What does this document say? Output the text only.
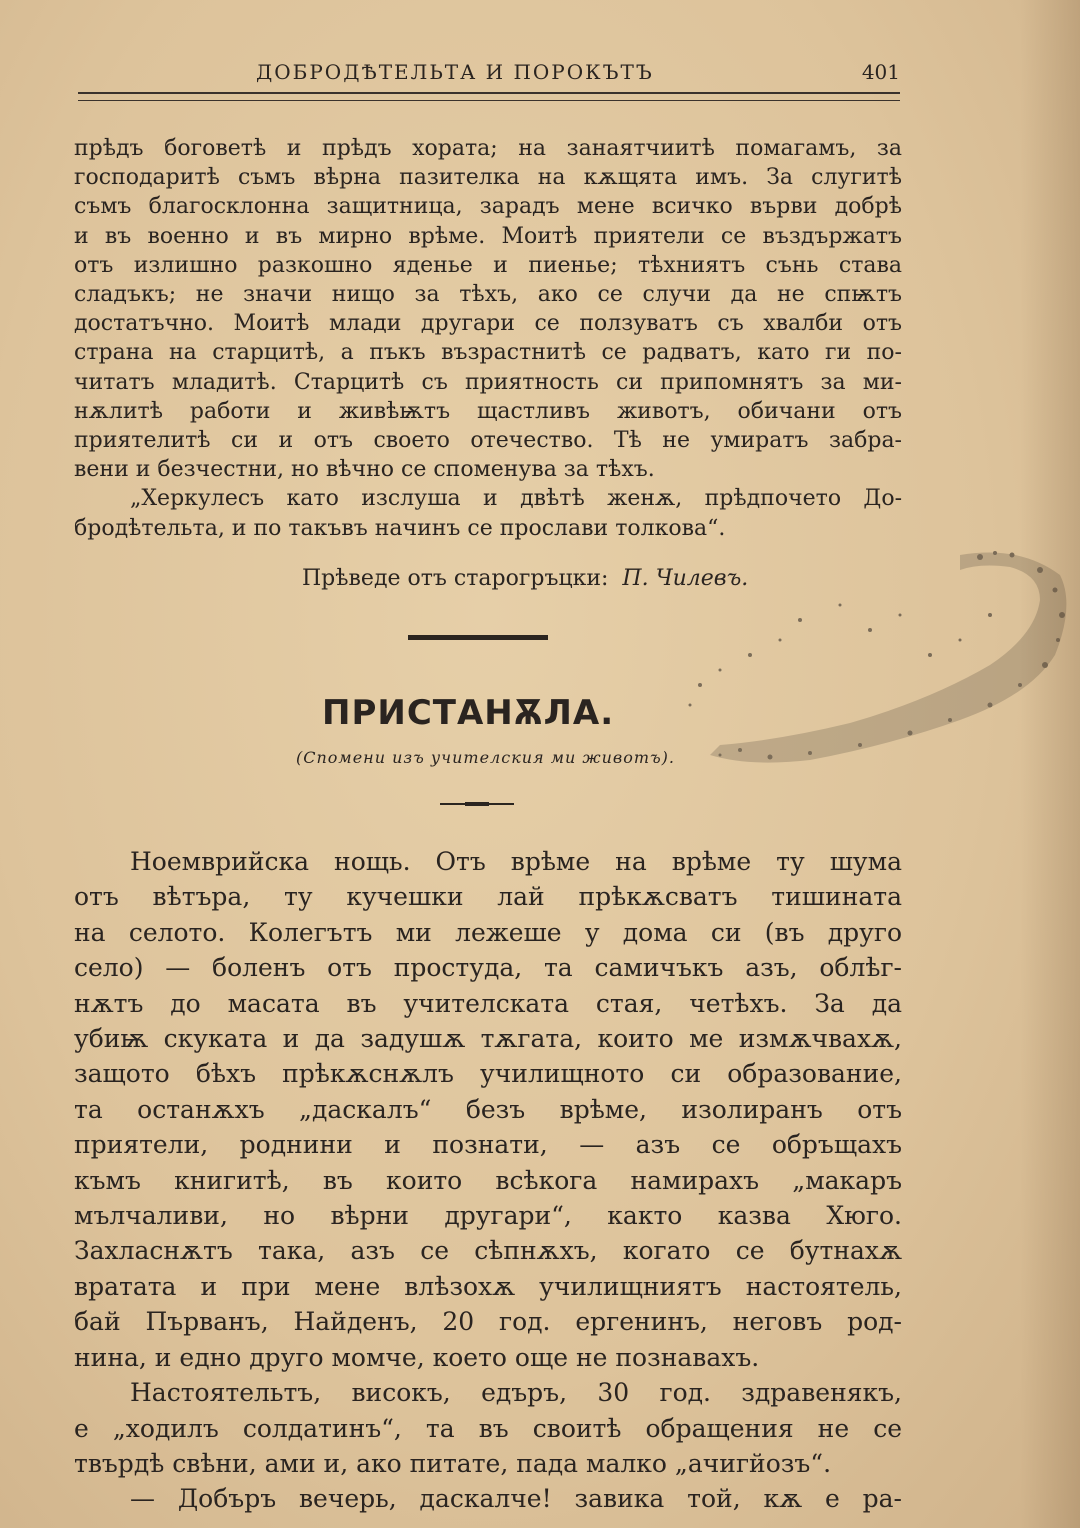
ДОБРОДѢТЕЛЬТА И ПОРОКЪТЪ	401

прѣдъ боговетѣ и прѣдъ хората; на занаятчиитѣ помагамъ, за
господаритѣ съмъ вѣрна пазителка на кѫщята имъ. За слугитѣ
съмъ благосклонна защитница, зарадъ мене всичко върви добрѣ
и въ военно и въ мирно врѣме. Моитѣ приятели се въздържатъ
отъ излишно разкошно яденье и пиенье; тѣхниятъ сънь става
сладъкъ; не значи нищо за тѣхъ, ако се случи да не спѭтъ
достатъчно. Моитѣ млади другари се ползуватъ съ хвалби отъ
страна на старцитѣ, а пъкъ възрастнитѣ се радватъ, като ги по-
читатъ младитѣ. Старцитѣ съ приятность си припомнятъ за ми-
нѫлитѣ работи и живѣѭтъ щастливъ животъ, обичани отъ
приятелитѣ си и отъ своето отечество. Тѣ не умиратъ забра-
вени и безчестни, но вѣчно се споменува за тѣхъ.

„Херкулесъ като изслуша и двѣтѣ женѫ, прѣдпочето До-
бродѣтельта, и по такъвъ начинъ се прослави толкова“.

Прѣведе отъ старогръцки: П. Чилевъ.
ПРИСТАНѪЛА.
(Спомени изъ учителския ми животъ).

Ноемврийска нощь. Отъ врѣме на врѣме ту шума
отъ вѣтъра, ту кучешки лай прѣкѫсватъ тишината
на селото. Колегътъ ми лежеше у дома си (въ друго
село) — боленъ отъ простуда, та самичъкъ азъ, облѣг-
нѫтъ до масата въ учителската стая, четѣхъ. За да
убиѭ скуката и да задушѫ тѫгата, които ме измѫчвахѫ,
защото бѣхъ прѣкѫснѫлъ училищното си образование,
та останѫхъ „даскалъ“ безъ врѣме, изолиранъ отъ
приятели, роднини и познати, — азъ се обръщахъ
къмъ книгитѣ, въ които всѣкога намирахъ „макаръ
мълчаливи, но вѣрни другари“, както казва Хюго.
Захласнѫтъ така, азъ се сѣпнѫхъ, когато се бутнахѫ
вратата и при мене влѣзохѫ училищниятъ настоятель,
бай Първанъ, Найденъ, 20 год. ергенинъ, неговъ род-
нина, и едно друго момче, което още не познавахъ.

Настоятельтъ, високъ, едъръ, 30 год. здравенякъ,
е „ходилъ солдатинъ“, та въ своитѣ обращения не се
твърдѣ свѣни, ами и, ако питате, пада малко „ачигйозъ“.

— Добъръ вечерь, даскалче! завика той, кѫ е ра-
